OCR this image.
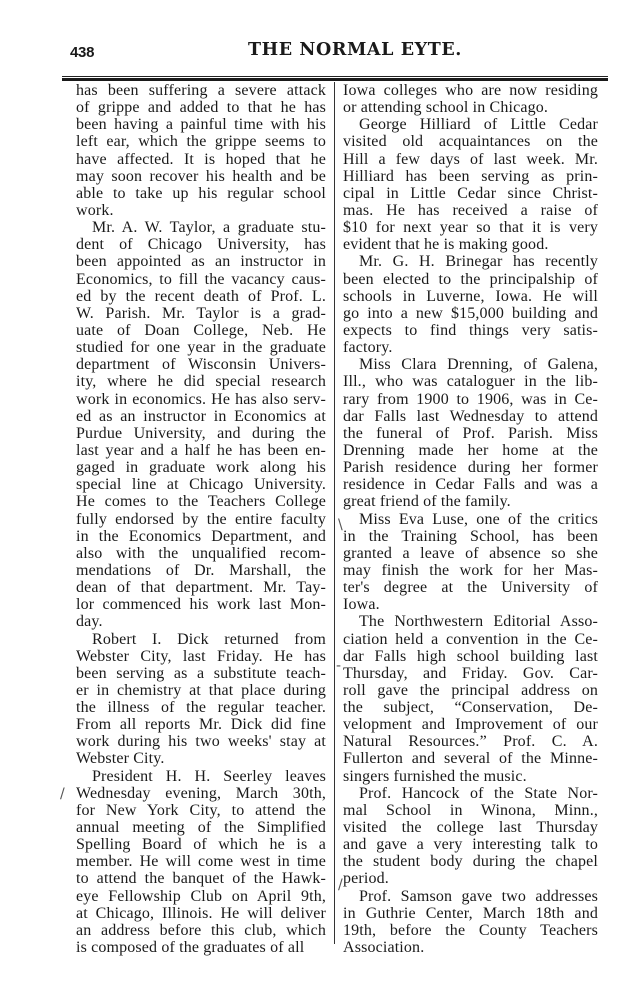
438	THE NORMAL EYTE.

has been suffering a severe attack
of grippe and added to that he has
been having a painful time with his
left ear, which the grippe seems to
have affected. It is hoped that he
may soon recover his health and be
able to take up his regular school
work.

Mr. A. W. Taylor, a graduate stu-
dent of Chicago University, has
been appointed as an instructor in
Economics, to fill the vacancy caus-
ed by the recent death of Prof. L.
W. Parish. Mr. Taylor is a grad-
uate of Doan College, Neb. He
studied for one year in the graduate
department of Wisconsin Univers-
ity, where he did special research
work in economics. He has also serv-
ed as an instructor in Economics at
Purdue University, and during the
last year and a half he has been en-
gaged in graduate work along his
special line at Chicago University.
He comes to the Teachers College
fully endorsed by the entire faculty
in the Economics Department, and
also with the unqualified recom-
mendations of Dr. Marshall, the
dean of that department. Mr. Tay-
lor commenced his work last Mon-
day.

Robert I. Dick returned from
Webster City, last Friday. He has
been serving as a substitute teach-
er in chemistry at that place during
the illness of the regular teacher.
From all reports Mr. Dick did fine
work during his two weeks' stay at
Webster City.

President H. H. Seerley leaves
Wednesday evening, March 30th,
for New York City, to attend the
annual meeting of the Simplified
Spelling Board of which he is a
member. He will come west in time
to attend the banquet of the Hawk-
eye Fellowship Club on April 9th,
at Chicago, Illinois. He will deliver
an address before this club, which
is composed of the graduates of all

Iowa colleges who are now residing
or attending school in Chicago.

George Hilliard of Little Cedar
visited old acquaintances on the
Hill a few days of last week. Mr.
Hilliard has been serving as prin-
cipal in Little Cedar since Christ-
mas. He has received a raise of
$10 for next year so that it is very
evident that he is making good.

Mr. G. H. Brinegar has recently
been elected to the principalship of
schools in Luverne, Iowa. He will
go into a new $15,000 building and
expects to find things very satis-
factory.

Miss Clara Drenning, of Galena,
Ill., who was cataloguer in the lib-
rary from 1900 to 1906, was in Ce-
dar Falls last Wednesday to attend
the funeral of Prof. Parish. Miss
Drenning made her home at the
Parish residence during her former
residence in Cedar Falls and was a
great friend of the family.

Miss Eva Luse, one of the critics
in the Training School, has been
granted a leave of absence so she
may finish the work for her Mas-
ter's degree at the University of
Iowa.

The Northwestern Editorial Asso-
ciation held a convention in the Ce-
dar Falls high school building last
Thursday, and Friday. Gov. Car-
roll gave the principal address on
the subject, “Conservation, De-
velopment and Improvement of our
Natural Resources.” Prof. C. A.
Fullerton and several of the Minne-
singers furnished the music.

Prof. Hancock of the State Nor-
mal School in Winona, Minn.,
visited the college last Thursday
and gave a very interesting talk to
the student body during the chapel
period.

Prof. Samson gave two addresses
in Guthrie Center, March 18th and
19th, before the County Teachers
Association.

/
\
-
/
